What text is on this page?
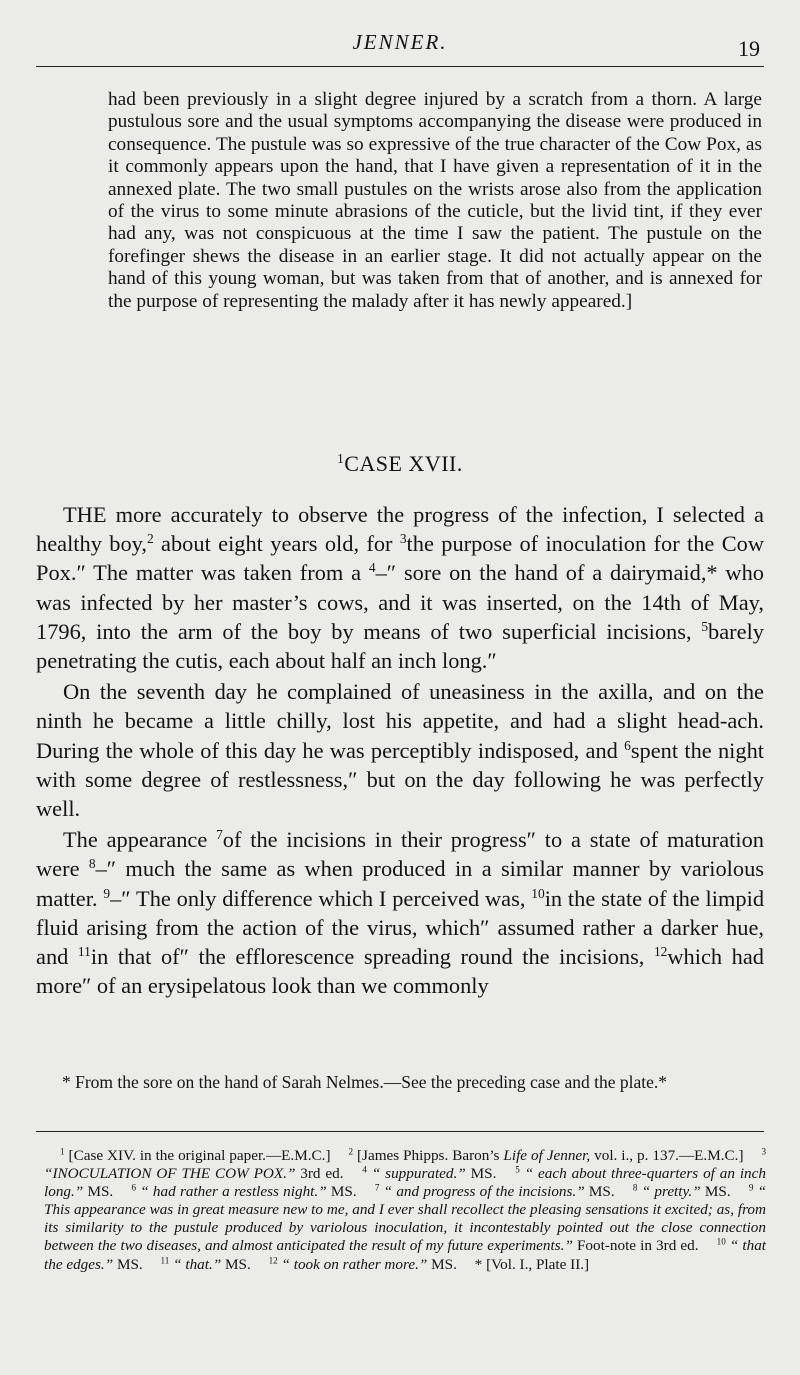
JENNER.	19

had been previously in a slight degree injured by a scratch from a thorn. A large pustulous sore and the usual symptoms accompanying the disease were produced in consequence. The pustule was so expressive of the true character of the Cow Pox, as it commonly appears upon the hand, that I have given a representation of it in the annexed plate. The two small pustules on the wrists arose also from the application of the virus to some minute abrasions of the cuticle, but the livid tint, if they ever had any, was not conspicuous at the time I saw the patient. The pustule on the forefinger shews the disease in an earlier stage. It did not actually appear on the hand of this young woman, but was taken from that of another, and is annexed for the purpose of representing the malady after it has newly appeared.]

$^1$CASE XVII.

THE more accurately to observe the progress of the infection, I selected a healthy boy,$^2$ about eight years old, for $^3$the purpose of inoculation for the Cow Pox.″ The matter was taken from a $^4$–″ sore on the hand of a dairymaid,* who was infected by her master’s cows, and it was inserted, on the 14th of May, 1796, into the arm of the boy by means of two superficial incisions, $^5$barely penetrating the cutis, each about half an inch long.″

On the seventh day he complained of uneasiness in the axilla, and on the ninth he became a little chilly, lost his appetite, and had a slight head-ach. During the whole of this day he was perceptibly indisposed, and $^6$spent the night with some degree of restlessness,″ but on the day following he was perfectly well.

The appearance $^7$of the incisions in their progress″ to a state of maturation were $^8$–″ much the same as when produced in a similar manner by variolous matter. $^9$–″ The only difference which I perceived was, $^{10}$in the state of the limpid fluid arising from the action of the virus, which″ assumed rather a darker hue, and $^{11}$in that of″ the efflorescence spreading round the incisions, $^{12}$which had more″ of an erysipelatous look than we commonly

* From the sore on the hand of Sarah Nelmes.—See the preceding case and the plate.*

$^1$ [Case XIV. in the original paper.—E.M.C.] $^2$ [James Phipps. Baron’s Life of Jenner, vol. i., p. 137.—E.M.C.] $^3$ “INOCULATION OF THE COW POX.” 3rd ed. $^4$ “ suppurated.” MS. $^5$ “ each about three-quarters of an inch long.” MS. $^6$ “ had rather a restless night.” MS. $^7$ “ and progress of the incisions.” MS. $^8$ “ pretty.” MS. $^9$ “ This appearance was in great measure new to me, and I ever shall recollect the pleasing sensations it excited; as, from its similarity to the pustule produced by variolous inoculation, it incontestably pointed out the close connection between the two diseases, and almost anticipated the result of my future experiments.” Foot-note in 3rd ed. $^{10}$ “ that the edges.” MS. $^{11}$ “ that.” MS. $^{12}$ “ took on rather more.” MS. * [Vol. I., Plate II.]
